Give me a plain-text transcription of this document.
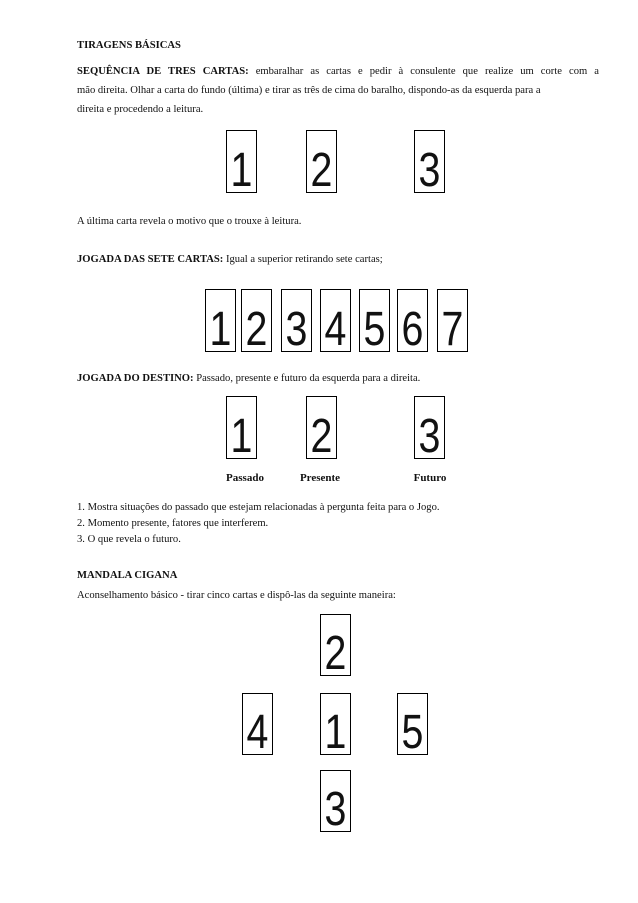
TIRAGENS BÁSICAS
SEQUÊNCIA DE TRES CARTAS: embaralhar as cartas e pedir à consulente que realize um corte com a
mão direita. Olhar a carta do fundo (última) e tirar as três de cima do baralho, dispondo-as da esquerda para a
direita e procedendo a leitura.
1 2 3
A última carta revela o motivo que o trouxe à leitura.
JOGADA DAS SETE CARTAS: Igual a superior retirando sete cartas;
1 2 3 4 5 6 7
JOGADA DO DESTINO: Passado, presente e futuro da esquerda para a direita.
1 2 3
Passado	Presente	Futuro
1. Mostra situações do passado que estejam relacionadas à pergunta feita para o Jogo.
2. Momento presente, fatores que interferem.
3. O que revela o futuro.
MANDALA CIGANA
Aconselhamento básico - tirar cinco cartas e dispô-las da seguinte maneira:
2
4 1 5
3
